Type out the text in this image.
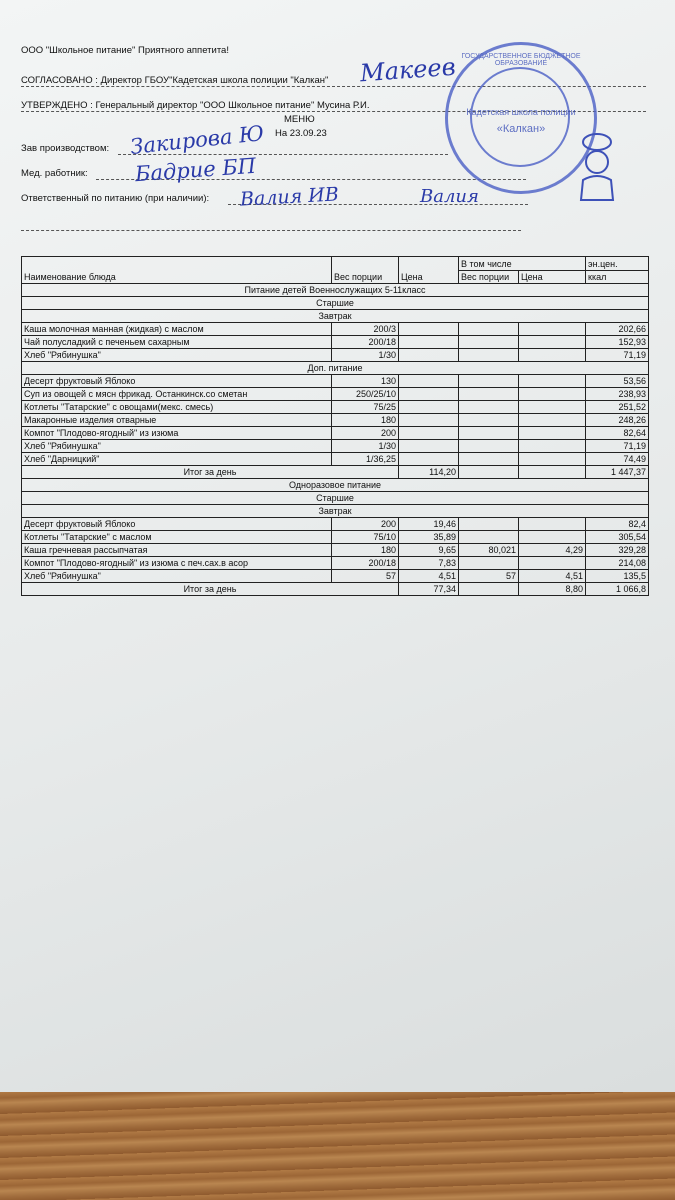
ООО "Школьное питание" Приятного аппетита!
СОГЛАСОВАНО : Директор ГБОУ"Кадетская школа полиции "Калкан"
УТВЕРЖДЕНО : Генеральный директор "ООО Школьное питание" Мусина Р.И.
МЕНЮ
На 23.09.23
Зав производством:
Мед. работник:
Ответственный по питанию (при наличии):
Макеев
Закирова Ю
Бадрие БП
Валия ИВ	Валия
ГОСУДАРСТВЕННОЕ БЮДЖЕТНОЕ ОБРАЗОВАНИЕ
Кадетская школа полиции
«Калкан»
Наименование блюда	Вес порции	Цена	В том числе		эн.цен.
			Вес порции	Цена	ккал
Питание детей Военнослужащих 5-11класс					
Старшие					
Завтрак					
Каша молочная манная (жидкая) с маслом	200/3				202,66
Чай полусладкий с печеньем сахарным	200/18				152,93
Хлеб "Рябинушка"	1/30				71,19
Доп. питание					
Десерт фруктовый Яблоко	130				53,56
Суп из овощей с мясн фрикад. Останкинск.со сметан	250/25/10				238,93
Котлеты "Татарские" с овощами(мекс. смесь)	75/25				251,52
Макаронные изделия отварные	180				248,26
Компот "Плодово-ягодный" из изюма	200				82,64
Хлеб "Рябинушка"	1/30				71,19
Хлеб "Дарницкий"	1/36,25				74,49
Итог за день		114,20			1 447,37
Одноразовое питание					
Старшие					
Завтрак					
Десерт фруктовый Яблоко	200	19,46			82,4
Котлеты "Татарские" с маслом	75/10	35,89			305,54
Каша гречневая рассыпчатая	180	9,65	80,021	4,29	329,28
Компот "Плодово-ягодный" из изюма с печ.сах.в асор	200/18	7,83			214,08
Хлеб "Рябинушка"	57	4,51	57	4,51	135,5
Итог за день		77,34		8,80	1 066,8
